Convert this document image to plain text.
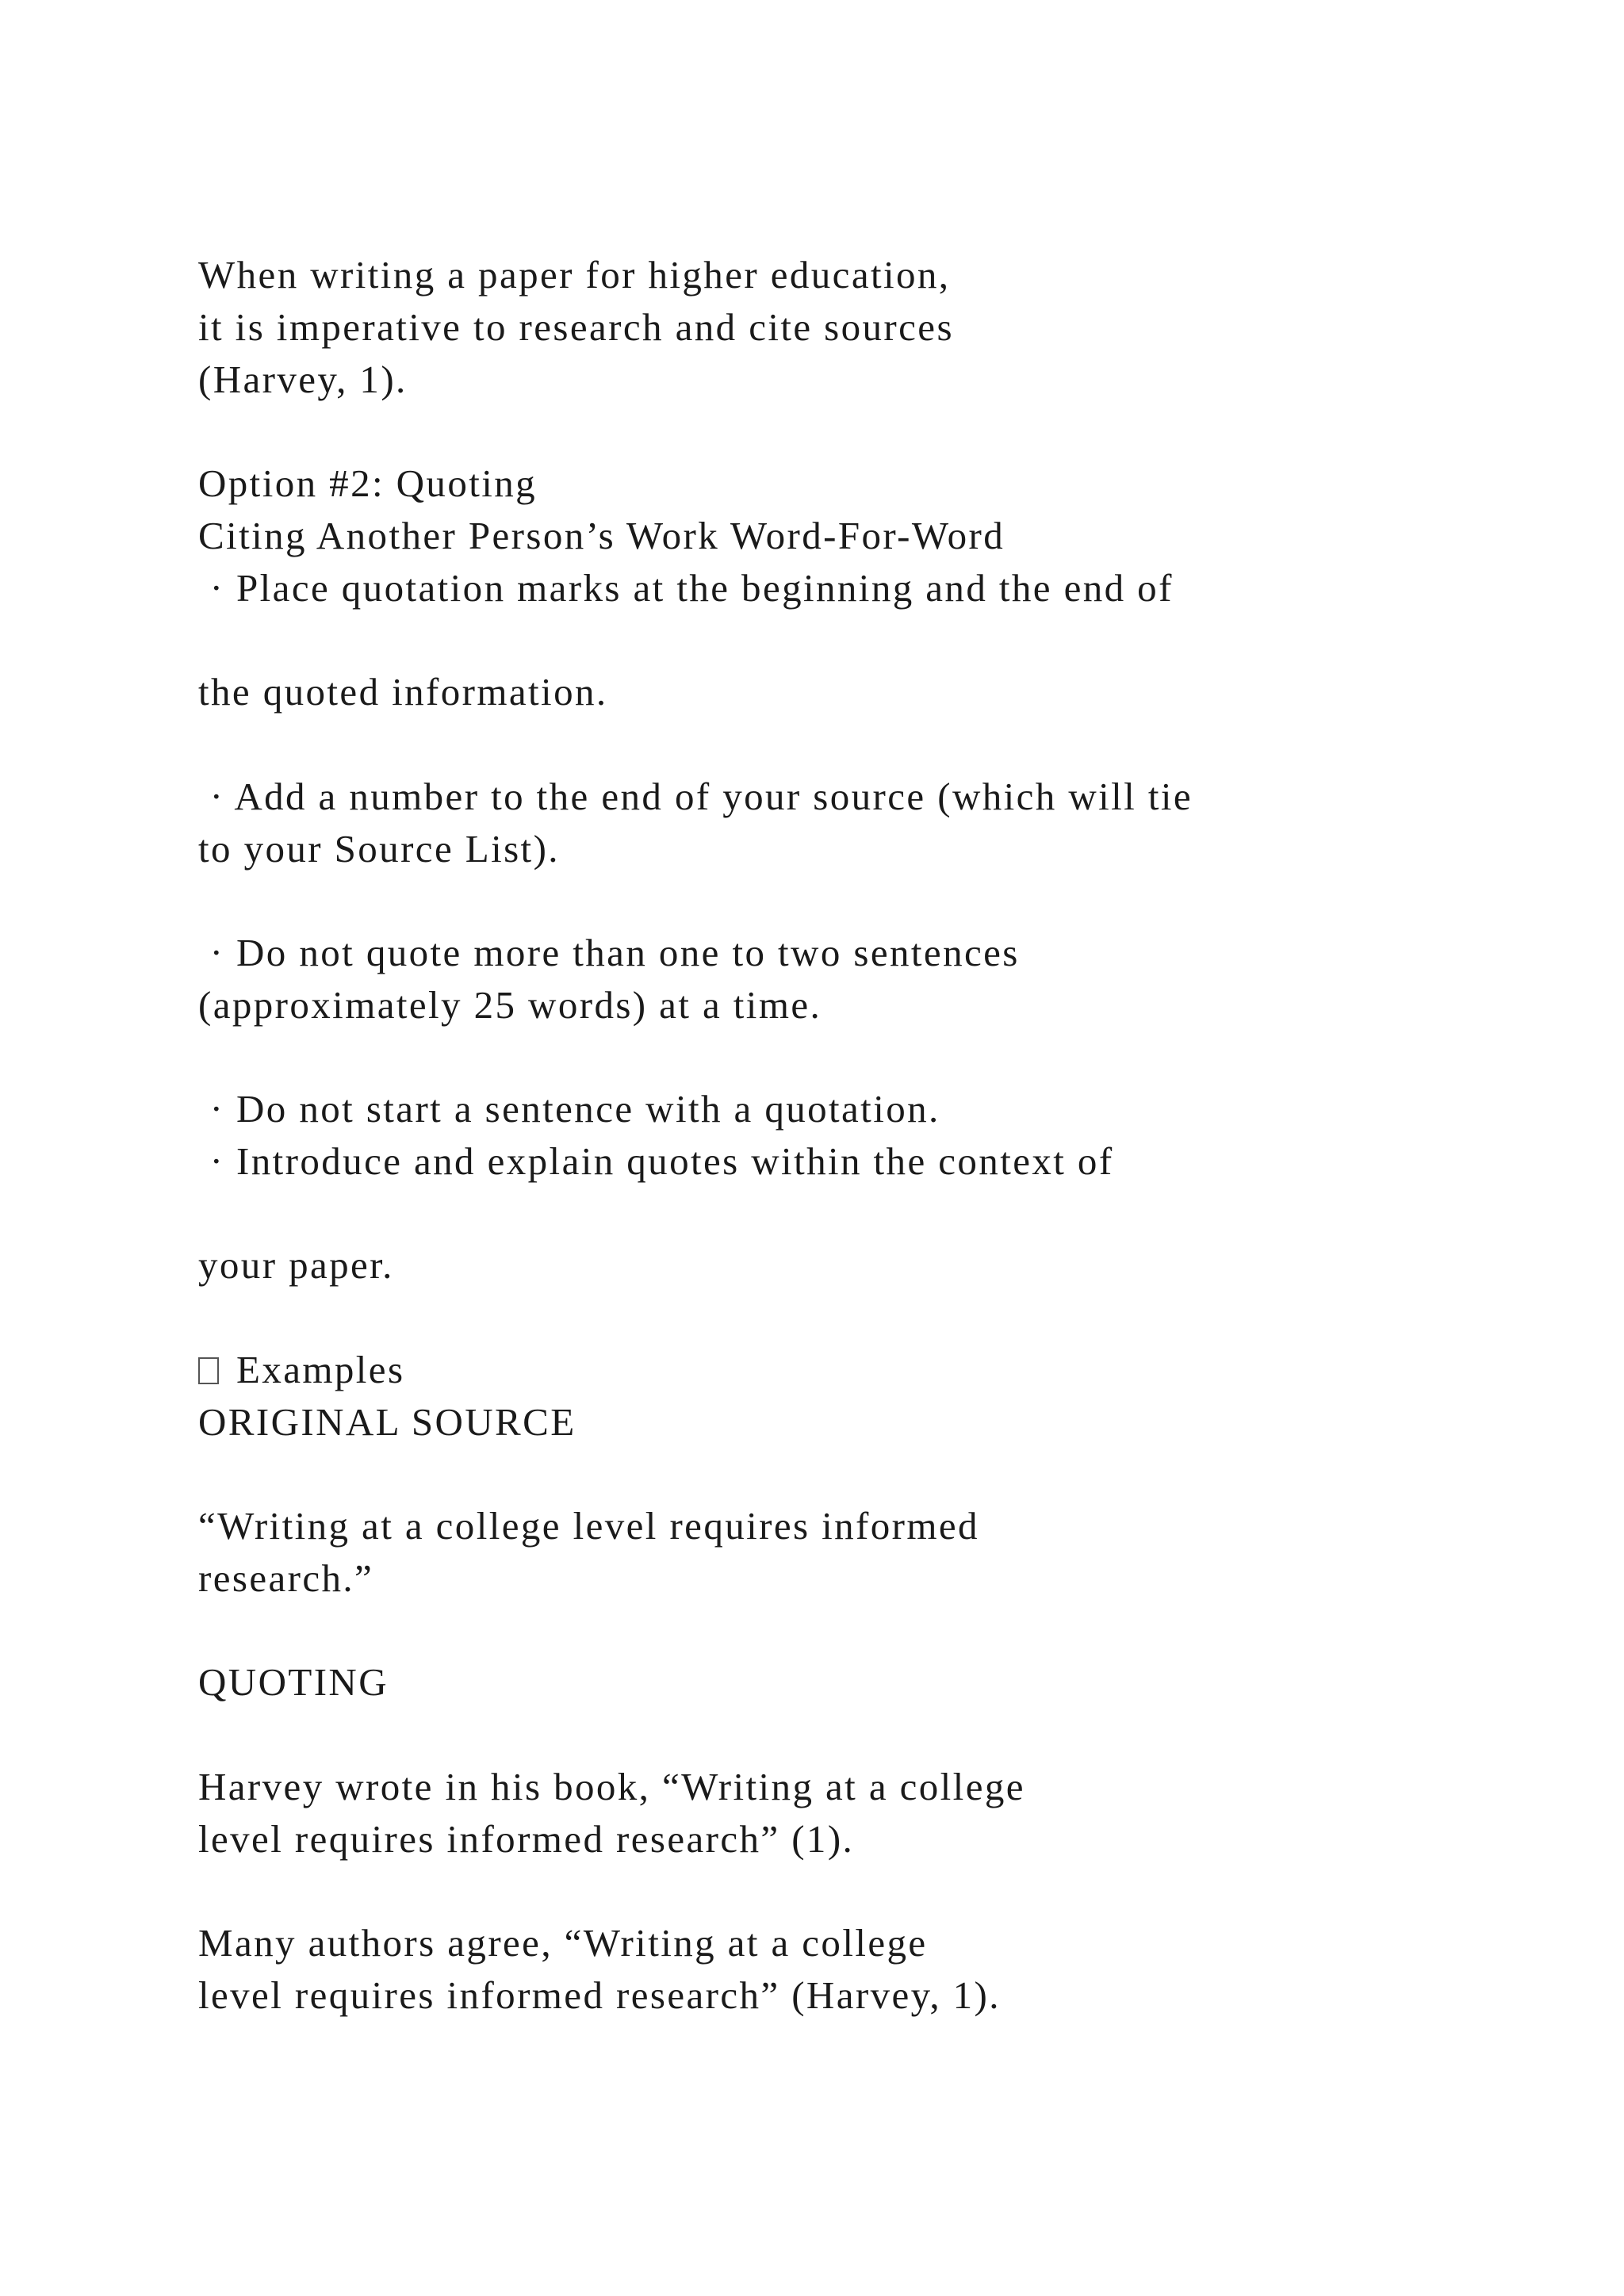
When writing a paper for higher education,
it is imperative to research and cite sources
(Harvey, 1).
Option #2: Quoting
Citing Another Person’s Work Word-For-Word
· Place quotation marks at the beginning and the end of
the quoted information.
· Add a number to the end of your source (which will tie
to your Source List).
· Do not quote more than one to two sentences
(approximately 25 words) at a time.
· Do not start a sentence with a quotation.
· Introduce and explain quotes within the context of
your paper.
Examples
ORIGINAL SOURCE
“Writing at a college level requires informed
research.”
QUOTING
Harvey wrote in his book, “Writing at a college
level requires informed research” (1).
Many authors agree, “Writing at a college
level requires informed research” (Harvey, 1).
